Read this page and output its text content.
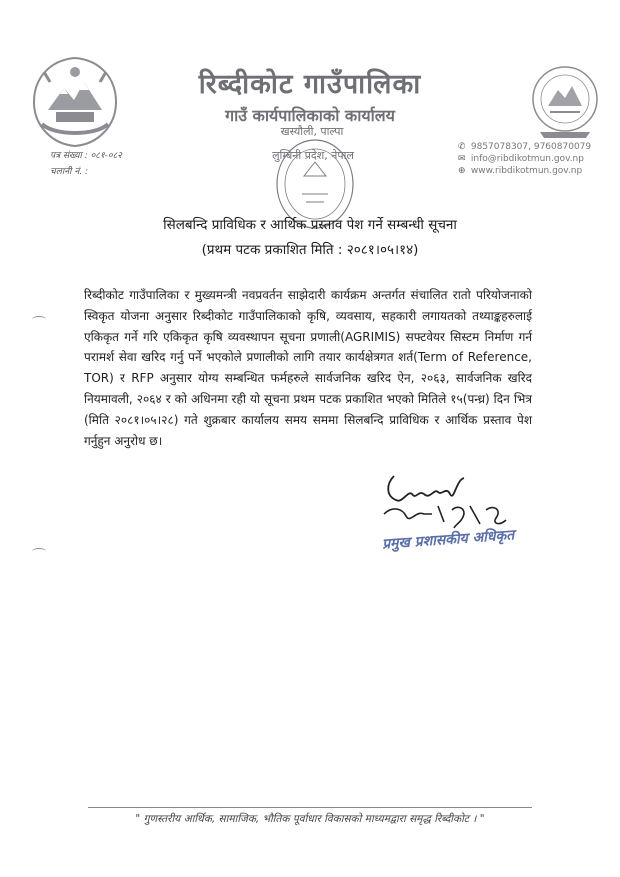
रिब्दीकोट गाउँपालिका
गाउँ कार्यपालिकाको कार्यालय
खस्यौली, पाल्पा
लुम्बिनी प्रदेश, नेपाल
पत्र संख्या : ०८१-०८२
चलानी नं. :
✆ 9857078307, 9760870079
✉ info@ribdikotmun.gov.np
⊕ www.ribdikotmun.gov.np
सिलबन्दि प्राविधिक र आर्थिक प्रस्ताव पेश गर्ने सम्बन्धी सूचना
(प्रथम पटक प्रकाशित मिति : २०८१।०५।१४)

रिब्दीकोट गाउँपालिका र मुख्यमन्त्री नवप्रवर्तन साझेदारी कार्यक्रम अन्तर्गत संचालित रातो परियोजनाको स्विकृत योजना अनुसार रिब्दीकोट गाउँपालिकाको कृषि, व्यवसाय, सहकारी लगायतको तथ्याङ्कहरुलाई एकिकृत गर्ने गरि एकिकृत कृषि व्यवस्थापन सूचना प्रणाली(AGRIMIS) सफ्टवेयर सिस्टम निर्माण गर्न परामर्श सेवा खरिद गर्नु पर्ने भएकोले प्रणालीको लागि तयार कार्यक्षेत्रगत शर्त(Term of Reference, TOR) र RFP अनुसार योग्य सम्बन्धित फर्महरुले सार्वजनिक खरिद ऐन, २०६३, सार्वजनिक खरिद नियमावली, २०६४ र को अधिनमा रही यो सूचना प्रथम पटक प्रकाशित भएको मितिले १५(पन्ध्र) दिन भित्र (मिति २०८१।०५।२८) गते शुक्रबार कार्यालय समय सममा सिलबन्दि प्राविधिक र आर्थिक प्रस्ताव पेश गर्नुहुन अनुरोध छ।

प्रमुख प्रशासकीय अधिकृत
" गुणस्तरीय आर्थिक, सामाजिक, भौतिक पूर्वाधार विकासको माध्यमद्वारा समृद्ध रिब्दीकोट । "
